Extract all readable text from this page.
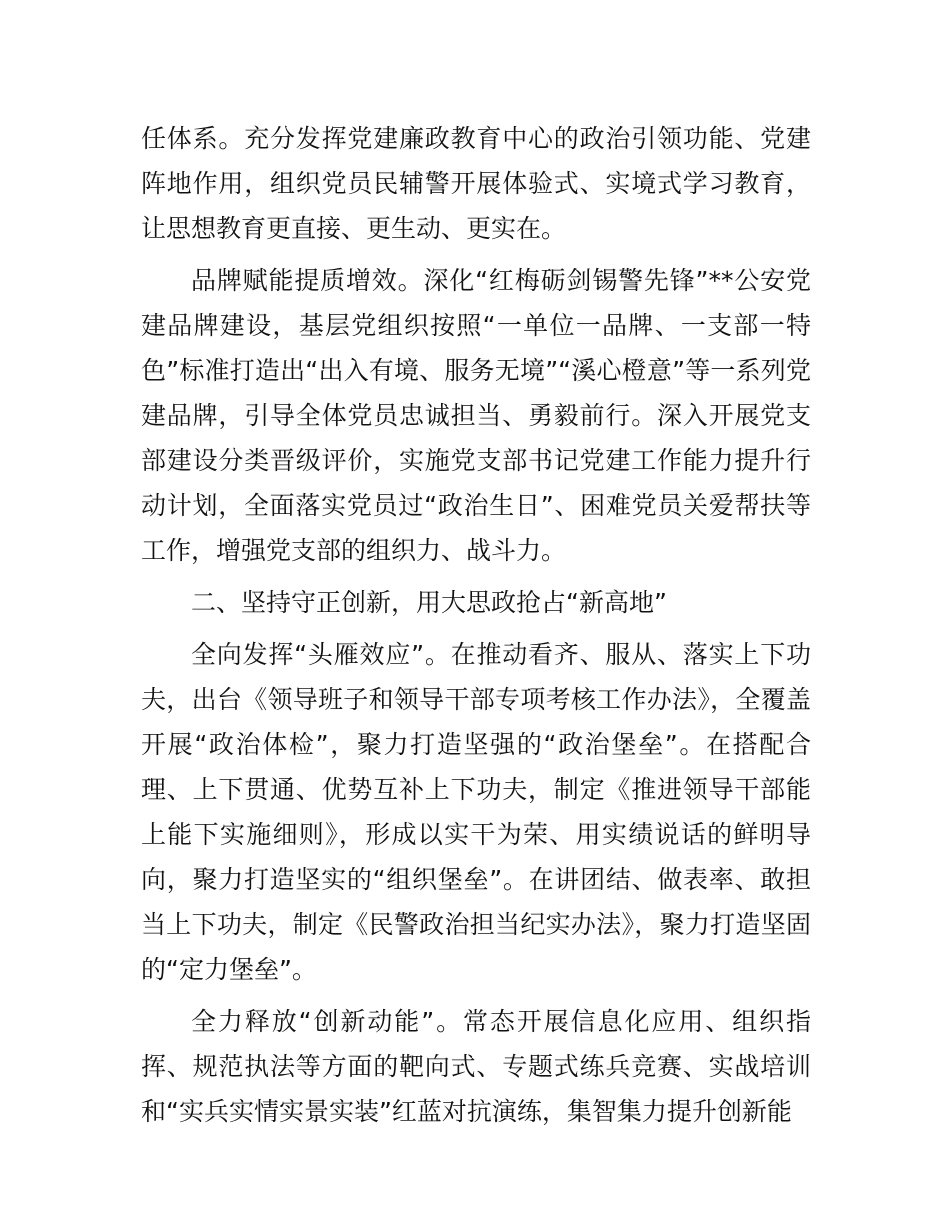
任体系。充分发挥党建廉政教育中心的政治引领功能、党建阵地作用，组织党员民辅警开展体验式、实境式学习教育，让思想教育更直接、更生动、更实在。

品牌赋能提质增效。深化“红梅砺剑锡警先锋”**公安党建品牌建设，基层党组织按照“一单位一品牌、一支部一特色”标准打造出“出入有境、服务无境”“溪心橙意”等一系列党建品牌，引导全体党员忠诚担当、勇毅前行。深入开展党支部建设分类晋级评价，实施党支部书记党建工作能力提升行动计划，全面落实党员过“政治生日”、困难党员关爱帮扶等工作，增强党支部的组织力、战斗力。

二、坚持守正创新，用大思政抢占“新高地”

全向发挥“头雁效应”。在推动看齐、服从、落实上下功夫，出台《领导班子和领导干部专项考核工作办法》，全覆盖开展“政治体检”，聚力打造坚强的“政治堡垒”。在搭配合理、上下贯通、优势互补上下功夫，制定《推进领导干部能上能下实施细则》，形成以实干为荣、用实绩说话的鲜明导向，聚力打造坚实的“组织堡垒”。在讲团结、做表率、敢担当上下功夫，制定《民警政治担当纪实办法》，聚力打造坚固的“定力堡垒”。

全力释放“创新动能”。常态开展信息化应用、组织指挥、规范执法等方面的靶向式、专题式练兵竞赛、实战培训和“实兵实情实景实装”红蓝对抗演练，集智集力提升创新能
